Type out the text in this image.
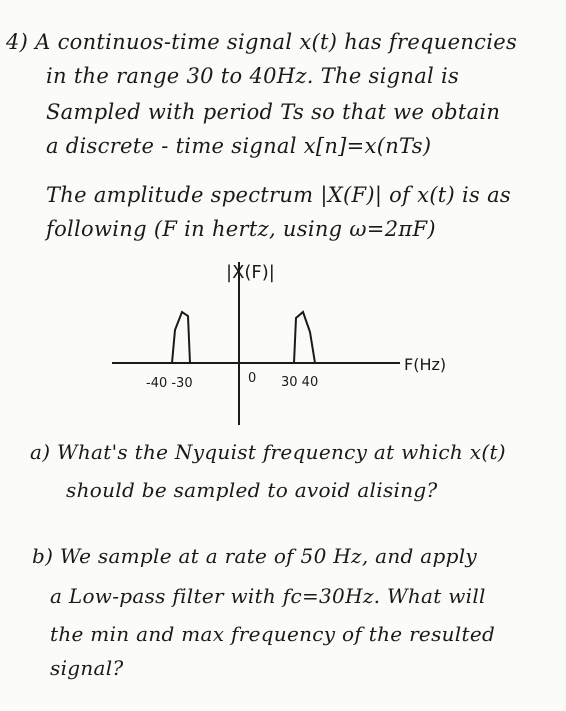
4) A continuos-time signal x(t) has frequencies
in the range 30 to 40Hz. The signal is
Sampled with period Ts so that we obtain
a discrete - time signal x[n]=x(nTs)
The amplitude spectrum |X(F)| of x(t) is as
following (F in hertz, using ω=2πF)
|X(F)|
F(Hz)
-40 -30	0 30 40
a) What's the Nyquist frequency at which x(t)
should be sampled to avoid alising?
b) We sample at a rate of 50 Hz, and apply
a Low-pass filter with fc=30Hz. What will
the min and max frequency of the resulted
signal?
